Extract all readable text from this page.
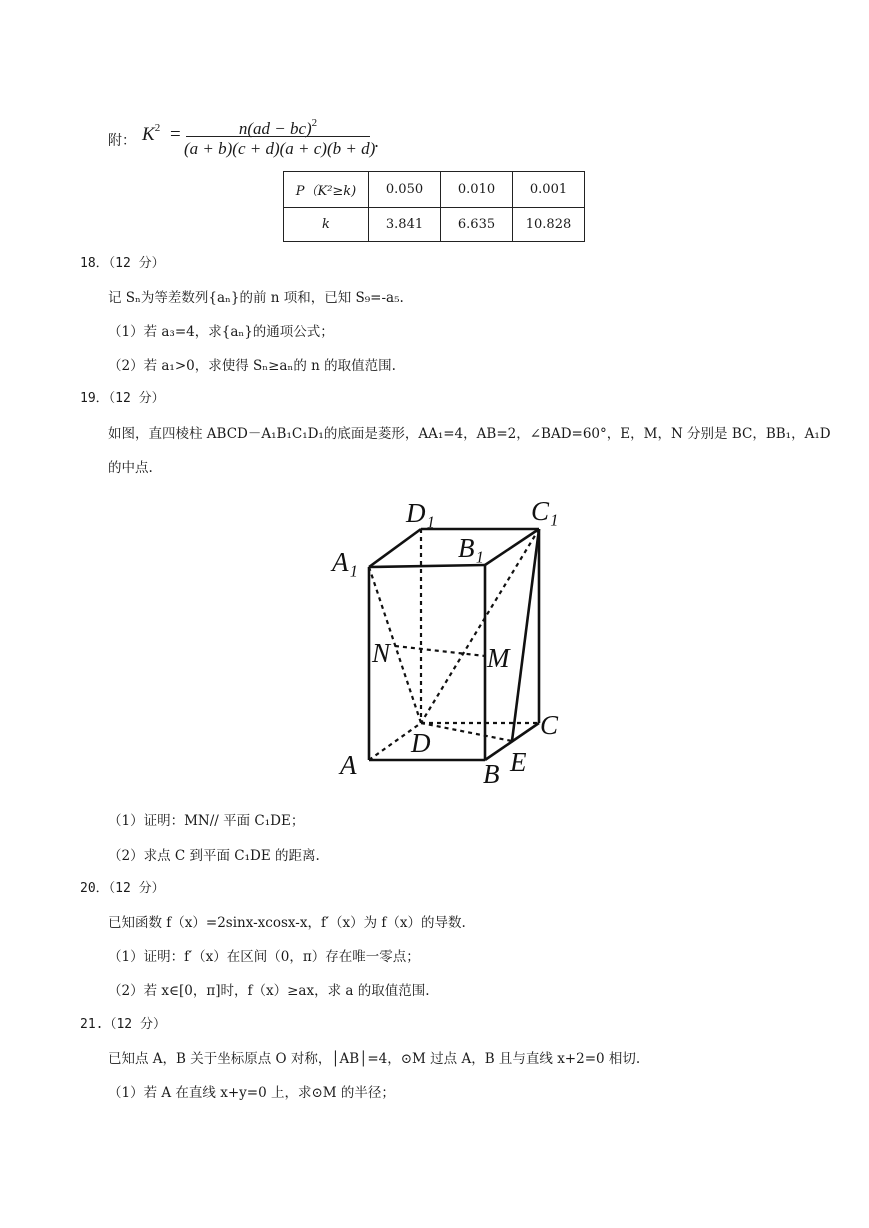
附： $K^2$ =	n(ad − bc)$^2$
(a + b)(c + d)(a + c)(b + d)
.
P（K²≥k)	0.050	0.010	0.001
k	3.841	6.635	10.828
18．（12 分）
记 Sₙ为等差数列{aₙ}的前 n 项和，已知 S₉=-a₅.
（1）若 a₃=4，求{aₙ}的通项公式；
（2）若 a₁>0，求使得 Sₙ≥aₙ的 n 的取值范围.
19．（12 分）
如图，直四棱柱 ABCD－A₁B₁C₁D₁的底面是菱形，AA₁=4，AB=2，∠BAD=60°，E，M，N 分别是 BC，BB₁，A₁D
的中点.
D₁	C₁
A₁	B₁
N	M
D
C
A	B E
（1）证明：MN// 平面 C₁DE；
（2）求点 C 到平面 C₁DE 的距离.
20．（12 分）
已知函数 f（x）=2sinx-xcosx-x，f′（x）为 f（x）的导数.
（1）证明：f′（x）在区间（0，π）存在唯一零点；
（2）若 x∈[0，π]时，f（x）≥ax，求 a 的取值范围.
21.（12 分）
已知点 A，B 关于坐标原点 O 对称，│AB│=4，⊙M 过点 A，B 且与直线 x+2=0 相切.
（1）若 A 在直线 x+y=0 上，求⊙M 的半径；
